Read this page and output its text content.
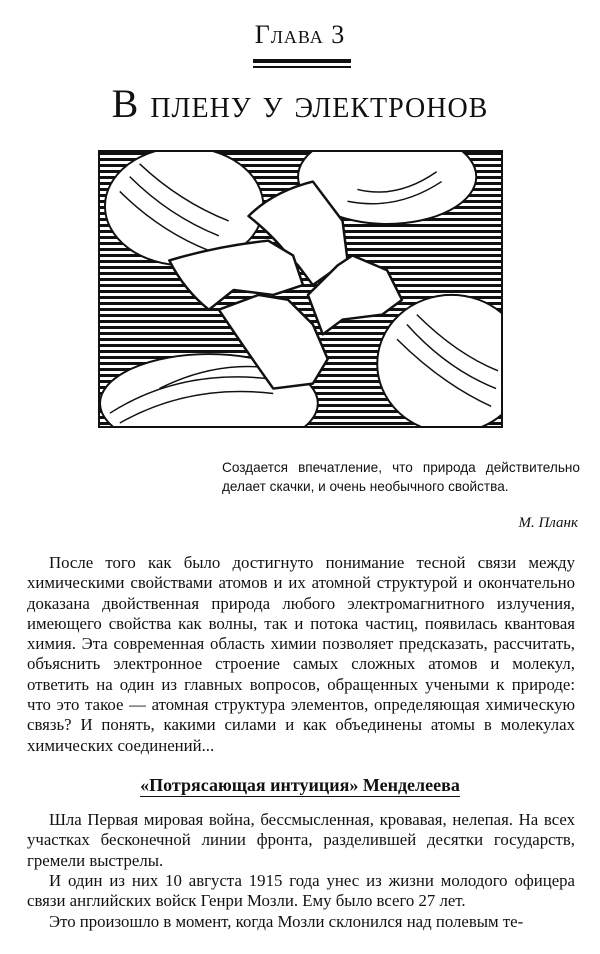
Глава 3
В плену у электронов
Создается впечатление, что природа действительно делает скачки, и очень необычного свойства.
М. Планк

После того как было достигнуто понимание тесной связи между химическими свойствами атомов и их атомной структурой и окончательно доказана двойственная природа любого электромагнитного излучения, имеющего свойства как волны, так и потока частиц, появилась квантовая химия. Эта современная область химии позволяет предсказать, рассчитать, объяснить электронное строение самых сложных атомов и молекул, ответить на один из главных вопросов, обращенных учеными к природе: что это такое — атомная структура элементов, определяющая химическую связь? И понять, какими силами и как объединены атомы в молекулах химических соединений...

«Потрясающая интуиция» Менделеева

Шла Первая мировая война, бессмысленная, кровавая, нелепая. На всех участках бесконечной линии фронта, разделившей десятки государств, гремели выстрелы.

И один из них 10 августа 1915 года унес из жизни молодого офицера связи английских войск Генри Мозли. Ему было всего 27 лет.

Это произошло в момент, когда Мозли склонился над полевым те-
